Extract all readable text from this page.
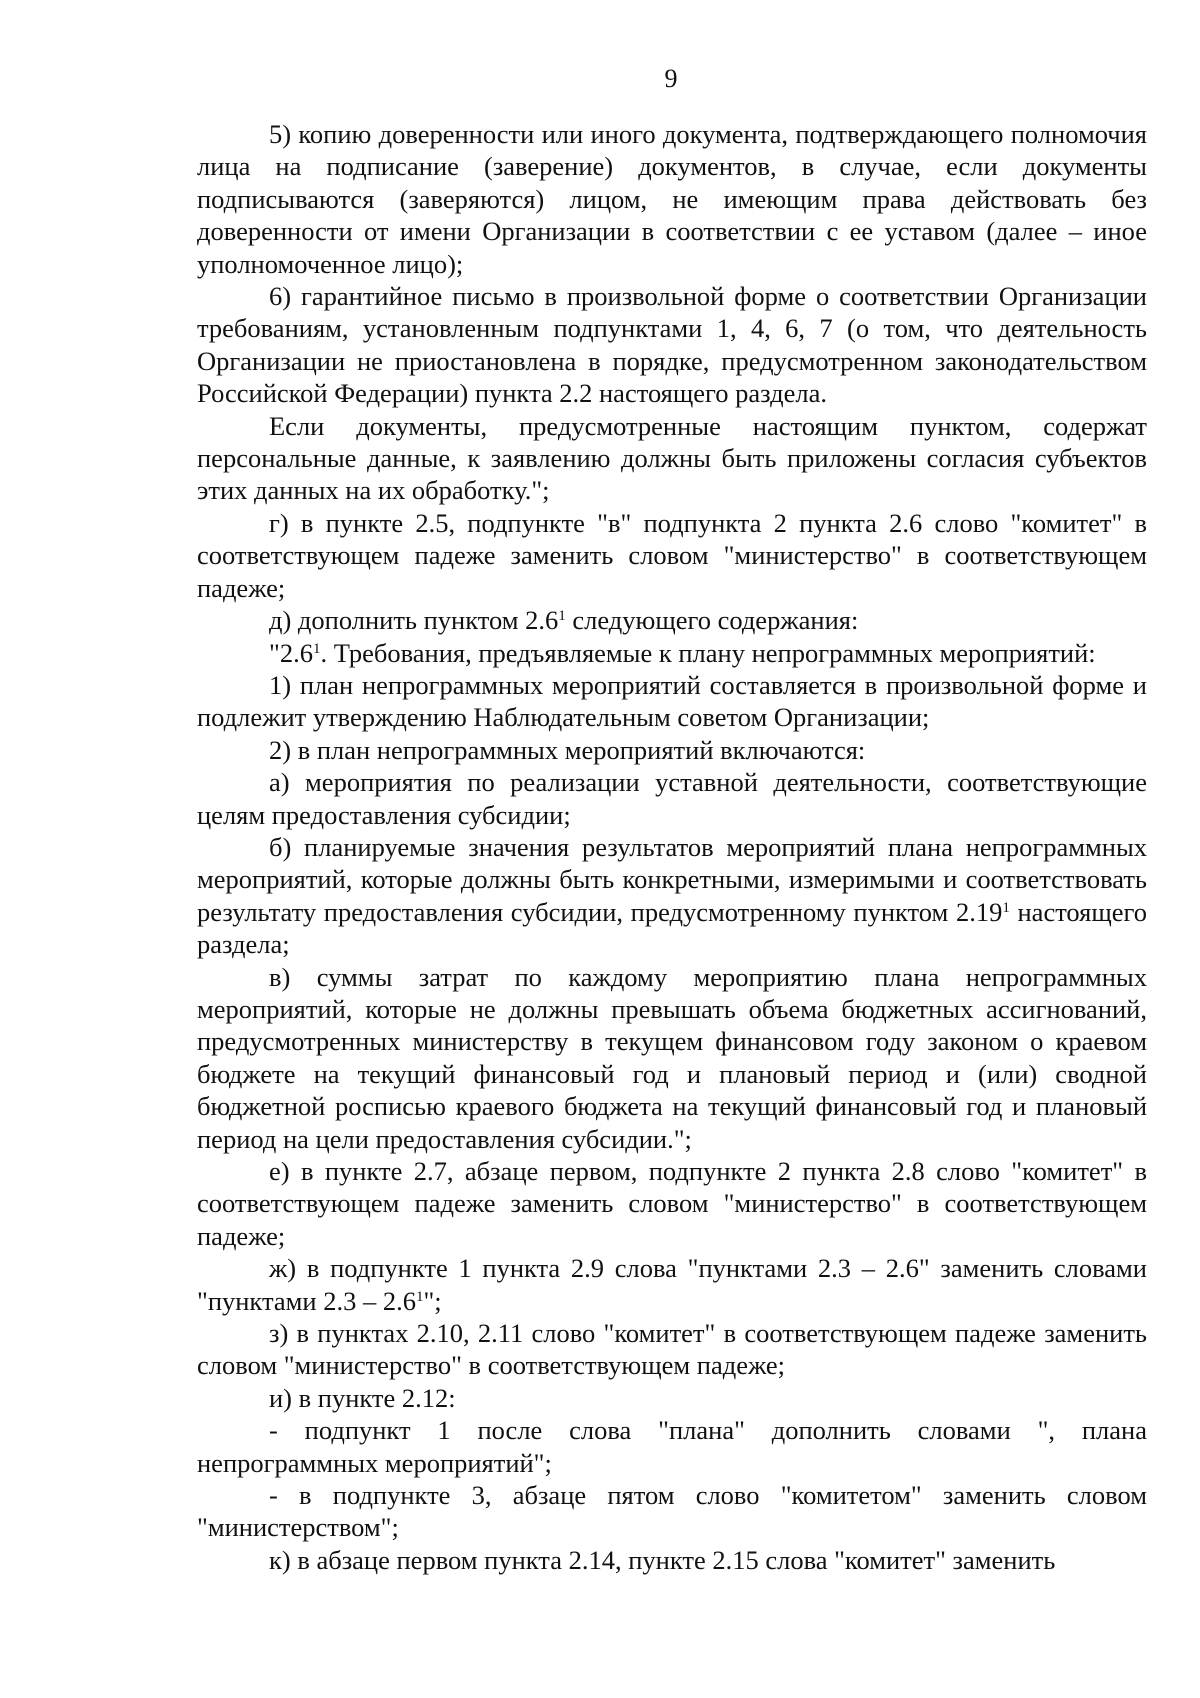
9

5) копию доверенности или иного документа, подтверждающего полномочия лица на подписание (заверение) документов, в случае, если документы подписываются (заверяются) лицом, не имеющим права действовать без доверенности от имени Организации в соответствии с ее уставом (далее – иное уполномоченное лицо);

6) гарантийное письмо в произвольной форме о соответствии Организации требованиям, установленным подпунктами 1, 4, 6, 7 (о том, что деятельность Организации не приостановлена в порядке, предусмотренном законодательством Российской Федерации) пункта 2.2 настоящего раздела.

Если документы, предусмотренные настоящим пунктом, содержат персональные данные, к заявлению должны быть приложены согласия субъектов этих данных на их обработку.";

г) в пункте 2.5, подпункте "в" подпункта 2 пункта 2.6 слово "комитет" в соответствующем падеже заменить словом "министерство" в соответствующем падеже;

д) дополнить пунктом $2.6^1$ следующего содержания:

"$2.6^1$. Требования, предъявляемые к плану непрограммных мероприятий:

1) план непрограммных мероприятий составляется в произвольной форме и подлежит утверждению Наблюдательным советом Организации;

2) в план непрограммных мероприятий включаются:

а) мероприятия по реализации уставной деятельности, соответствующие целям предоставления субсидии;

б) планируемые значения результатов мероприятий плана непрограммных мероприятий, которые должны быть конкретными, измеримыми и соответствовать результату предоставления субсидии, предусмотренному пунктом 2.19$^1$ настоящего раздела;

в) суммы затрат по каждому мероприятию плана непрограммных мероприятий, которые не должны превышать объема бюджетных ассигнований, предусмотренных министерству в текущем финансовом году законом о краевом бюджете на текущий финансовый год и плановый период и (или) сводной бюджетной росписью краевого бюджета на текущий финансовый год и плановый период на цели предоставления субсидии.";

е) в пункте 2.7, абзаце первом, подпункте 2 пункта 2.8 слово "комитет" в соответствующем падеже заменить словом "министерство" в соответствующем падеже;

ж) в подпункте 1 пункта 2.9 слова "пунктами 2.3 – 2.6" заменить словами "пунктами $2.3 - 2.6^1$";

з) в пунктах 2.10, 2.11 слово "комитет" в соответствующем падеже заменить словом "министерство" в соответствующем падеже;

и) в пункте 2.12:

- подпункт 1 после слова "плана" дополнить словами ", плана непрограммных мероприятий";

- в подпункте 3, абзаце пятом слово "комитетом" заменить словом "министерством";

к) в абзаце первом пункта 2.14, пункте 2.15 слова "комитет" заменить
